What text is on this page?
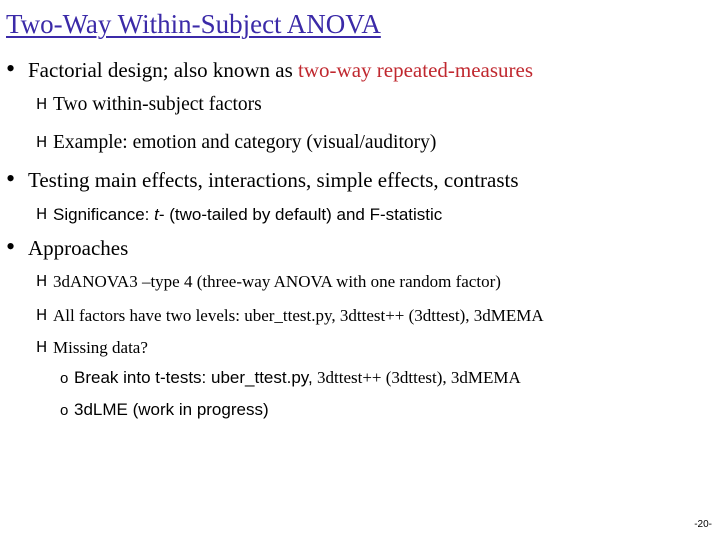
Two-Way Within-Subject ANOVA
• Factorial design; also known as
two-way repeated-measures
H Two within-subject factors
H Example: emotion and category (visual/auditory)
• Testing main effects, interactions, simple effects, contrasts
H Significance:
t - (two-tailed by default) and F-statistic
• Approaches
H 3dANOVA3 –type 4 (three-way ANOVA with one random factor)
H All factors have two levels: uber_ttest.py, 3dttest++ (3dttest), 3dMEMA
H Missing data?
o Break into t-tests: uber_ttest.py,
3dttest++ (3dttest), 3dMEMA
o 3dLME (work in progress)
-20-
